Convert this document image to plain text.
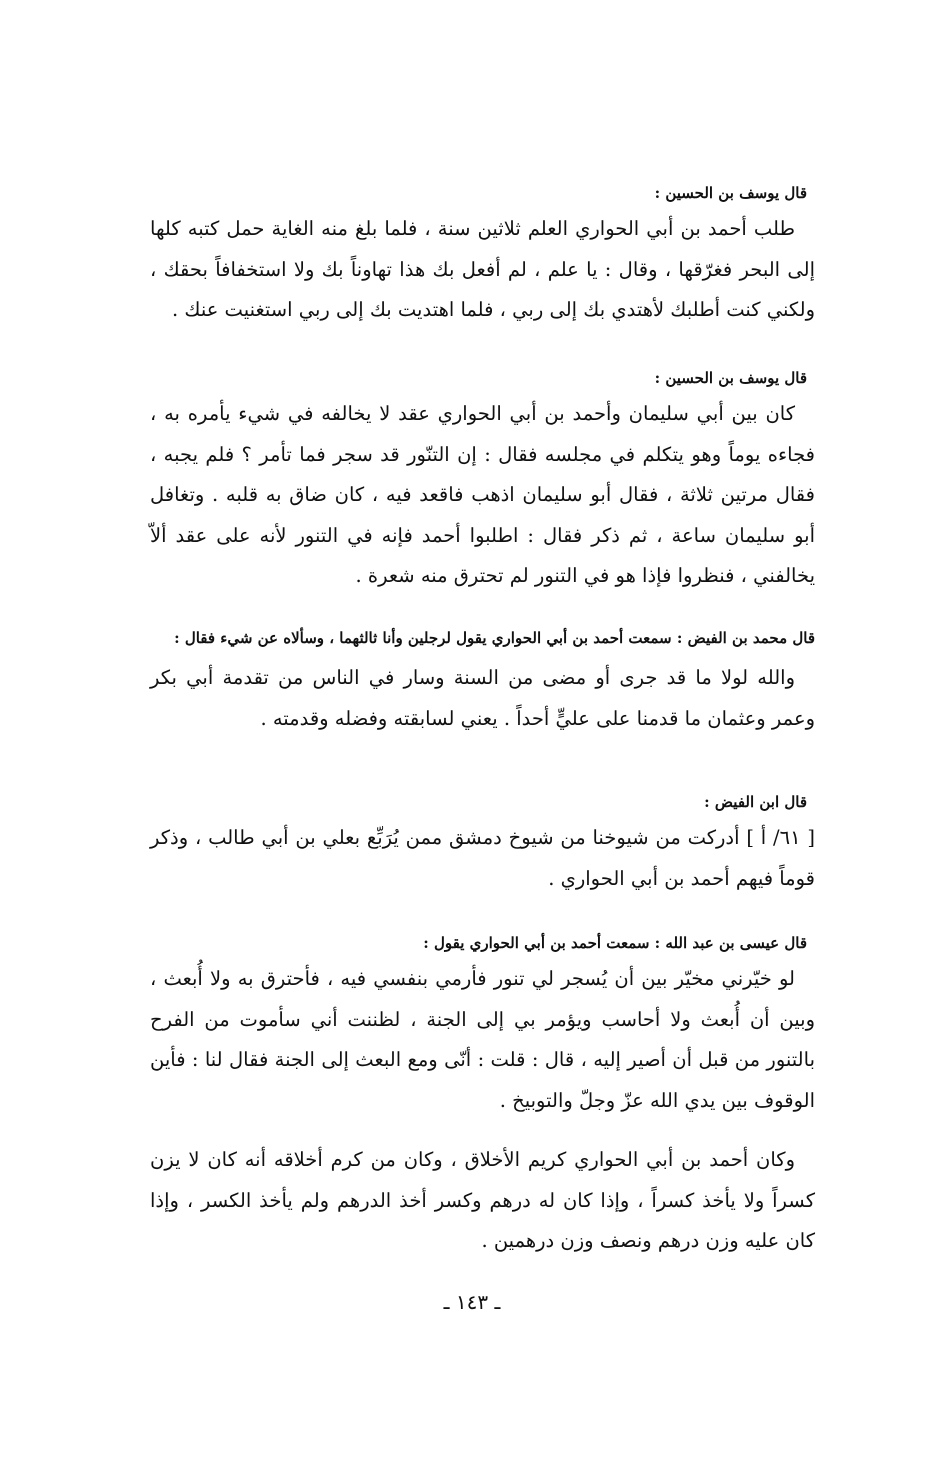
قال يوسف بن الحسين :
طلب أحمد بن أبي الحواري العلم ثلاثين سنة ، فلما بلغ منه الغاية حمل كتبه كلها إلى البحر فغرّقها ، وقال : يا علم ، لم أفعل بك هذا تهاوناً بك ولا استخفافاً بحقك ، ولكني كنت أطلبك لأهتدي بك إلى ربي ، فلما اهتديت بك إلى ربي استغنيت عنك .
قال يوسف بن الحسين :
كان بين أبي سليمان وأحمد بن أبي الحواري عقد لا يخالفه في شيء يأمره به ، فجاءه يوماً وهو يتكلم في مجلسه فقال : إن التنّور قد سجر فما تأمر ؟ فلم يجبه ، فقال مرتين ثلاثة ، فقال أبو سليمان اذهب فاقعد فيه ، كان ضاق به قلبه . وتغافل أبو سليمان ساعة ، ثم ذكر فقال : اطلبوا أحمد فإنه في التنور لأنه على عقد ألاّ يخالفني ، فنظروا فإذا هو في التنور لم تحترق منه شعرة .
قال محمد بن الفيض : سمعت أحمد بن أبي الحواري يقول لرجلين وأنا ثالثهما ، وسألاه عن شيء فقال :
والله لولا ما قد جرى أو مضى من السنة وسار في الناس من تقدمة أبي بكر وعمر وعثمان ما قدمنا على عليٍّ أحداً . يعني لسابقته وفضله وقدمته .
قال ابن الفيض :
[ ٦١/ أ ] أدركت من شيوخنا من شيوخ دمشق ممن يُرَبِّع بعلي بن أبي طالب ، وذكر قوماً فيهم أحمد بن أبي الحواري .
قال عيسى بن عبد الله : سمعت أحمد بن أبي الحواري يقول :
لو خيّرني مخيّر بين أن يُسجر لي تنور فأرمي بنفسي فيه ، فأحترق به ولا أُبعث ، وبين أن أُبعث ولا أحاسب ويؤمر بي إلى الجنة ، لظننت أني سأموت من الفرح بالتنور من قبل أن أصير إليه ، قال : قلت : أنّى ومع البعث إلى الجنة فقال لنا : فأين الوقوف بين يدي الله عزّ وجلّ والتوبيخ .
وكان أحمد بن أبي الحواري كريم الأخلاق ، وكان من كرم أخلاقه أنه كان لا يزن كسراً ولا يأخذ كسراً ، وإذا كان له درهم وكسر أخذ الدرهم ولم يأخذ الكسر ، وإذا كان عليه وزن درهم ونصف وزن درهمين .
ـ ١٤٣ ـ
